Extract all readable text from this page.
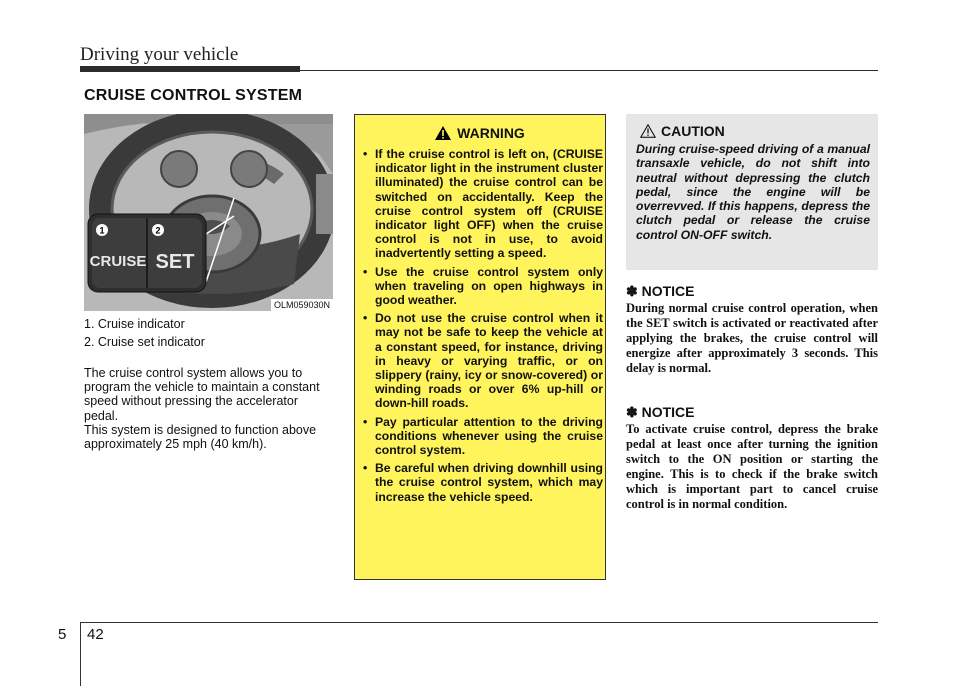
Driving your vehicle
CRUISE CONTROL SYSTEM
1	2
CRUISE SET
OLM059030N
1. Cruise indicator
2. Cruise set indicator

The cruise control system allows you to program the vehicle to maintain a constant speed without pressing the accelerator pedal.

This system is designed to function above approximately 25 mph (40 km/h).

WARNING
• If the cruise control is left on, (CRUISE indicator light in the instrument cluster illuminated) the cruise control can be switched on accidentally. Keep the cruise control system off (CRUISE indicator light OFF) when the cruise control is not in use, to avoid inadvertently setting a speed.
• Use the cruise control system only when traveling on open highways in good weather.
• Do not use the cruise control when it may not be safe to keep the vehicle at a constant speed, for instance, driving in heavy or varying traffic, or on slippery (rainy, icy or snow-covered) or winding roads or over 6% up-hill or down-hill roads.
• Pay particular attention to the driving conditions whenever using the cruise control system.
• Be careful when driving downhill using the cruise control system, which may increase the vehicle speed.
CAUTION

During cruise-speed driving of a manual transaxle vehicle, do not shift into neutral without depressing the clutch pedal, since the engine will be overrevved. If this happens, depress the clutch pedal or release the cruise control ON-OFF switch.

✽ NOTICE

During normal cruise control operation, when the SET switch is activated or reactivated after applying the brakes, the cruise control will energize after approximately 3 seconds. This delay is normal.

✽ NOTICE

To activate cruise control, depress the brake pedal at least once after turning the ignition switch to the ON position or starting the engine. This is to check if the brake switch which is important part to cancel cruise control is in normal condition.

5 42
